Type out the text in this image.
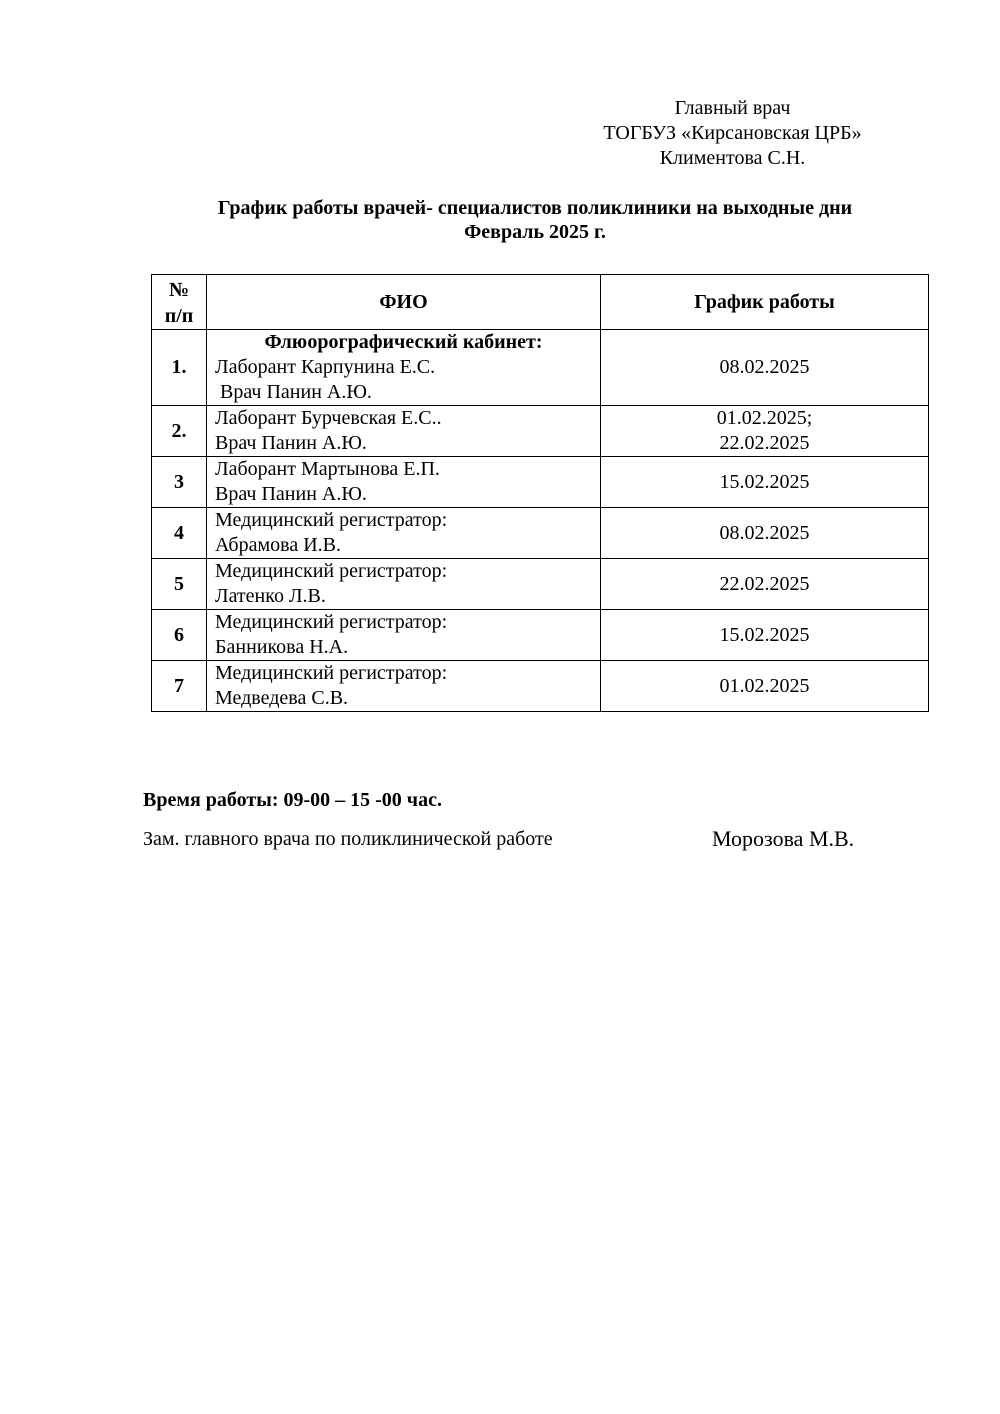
Главный врач
ТОГБУЗ «Кирсановская ЦРБ»
Климентова С.Н.
График работы врачей- специалистов поликлиники на выходные дни
Февраль 2025 г.
№
п/п	ФИО	График работы
1.	Флюорографический кабинет:
Лаборант Карпунина Е.С.
Врач Панин А.Ю.	08.02.2025
2.	Лаборант Бурчевская Е.С..
Врач Панин А.Ю.	01.02.2025;
22.02.2025

3	Лаборант Мартынова Е.П.
Врач Панин А.Ю.	15.02.2025
4	Медицинский регистратор:
Абрамова И.В.	08.02.2025
5	Медицинский регистратор:
Латенко Л.В.	22.02.2025
6	Медицинский регистратор:
Банникова Н.А.	15.02.2025
7	Медицинский регистратор:
Медведева С.В.	01.02.2025
Время работы: 09-00 – 15 -00 час.
Зам. главного врача по поликлинической работе	Морозова М.В.
